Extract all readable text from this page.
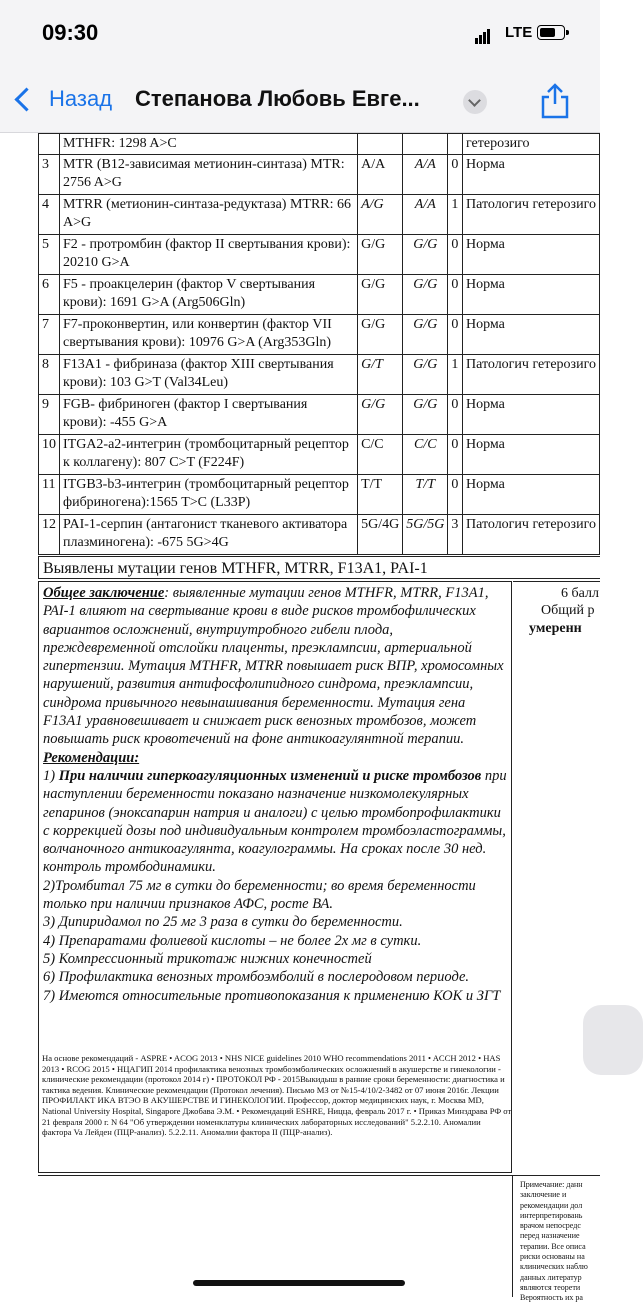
09:30	LTE
Назад Степанова Любовь Евге...
	MTHFR: 1298 A>C				гетерозиго
3	MTR (В12-зависимая метионин-синтаза) MTR: 2756 A>G	A/A	A/A	0	Норма
4	MTRR (метионин-синтаза-редуктаза) MTRR: 66 A>G	A/G	A/A	1	Патологич гетерозиго
5	F2 - протромбин (фактор II свертывания крови): 20210 G>A	G/G	G/G	0	Норма
6	F5 - проакцелерин (фактор V свертывания крови): 1691 G>A (Arg506Gln)	G/G	G/G	0	Норма
7	F7-проконвертин, или конвертин (фактор VII свертывания крови): 10976 G>A (Arg353Gln)	G/G	G/G	0	Норма
8	F13A1 - фибриназа (фактор XIII свертывания крови): 103 G>T (Val34Leu)	G/T	G/G	1	Патологич гетерозиго
9	FGB- фибриноген (фактор I свертывания крови): -455 G>A	G/G	G/G	0	Норма
10	ITGA2-a2-интегрин (тромбоцитарный рецептор к коллагену): 807 C>T (F224F)	C/C	C/C	0	Норма
11	ITGB3-b3-интегрин (тромбоцитарный рецептор фибриногена):1565 T>C (L33P)	T/T	T/T	0	Норма
12	PAI-1-серпин (антагонист тканевого активатора плазминогена): -675 5G>4G	5G/4G	5G/5G	3	Патологич гетерозиго
Выявлены мутации генов MTHFR, MTRR, F13A1, PAI-1

Общее заключение: выявленные мутации генов MTHFR, MTRR, F13A1, PAI-1 влияют на свертывание крови в виде рисков тромбофилических вариантов осложнений, внутриутробного гибели плода, преждевременной отслойки плаценты, преэклампсии, артериальной гипертензии. Мутация MTHFR, MTRR повышает риск ВПР, хромосомных нарушений, развития антифосфолипидного синдрома, преэклампсии, синдрома привычного невынашивания беременности. Мутация гена F13A1 уравновешивает и снижает риск венозных тромбозов, может повышать риск кровотечений на фоне антикоагулянтной терапии.

Рекомендации:

1) При наличии гиперкоагуляционных изменений и риске тромбозов при наступлении беременности показано назначение низкомолекулярных гепаринов (эноксапарин натрия и аналоги) с целью тромбопрофилактики с коррекцией дозы под индивидуальным контролем тромбоэластограммы, волчаночного антикоагулянта, коагулограммы. На сроках после 30 нед. контроль тромбодинамики.

2)Тромбитал 75 мг в сутки до беременности; во время беременности только при наличии признаков АФС, росте ВА.

3) Дипиридамол по 25 мг 3 раза в сутки до беременности.

4) Препаратами фолиевой кислоты – не более 2х мг в сутки.

5) Компрессионный трикотаж нижних конечностей

6) Профилактика венозных тромбоэмболий в послеродовом периоде.

7) Имеются относительные противопоказания к применению КОК и ЗГТ

На основе рекомендаций - ASPRE • ACOG 2013 • NHS NICE guidelines 2010 WHO recommendations 2011 • ACCH 2012 • HAS 2013 • RCOG 2015 • НЦАГИП 2014 профилактика венозных тромбоэмболических осложнений в акушерстве и гинекологии - клинические рекомендации (протокол 2014 г) • ПРОТОКОЛ РФ - 2015Выкидыш в ранние сроки беременности: диагностика и тактика ведения. Клинические рекомендации (Протокол лечения). Письмо МЗ от №15-4/10/2-3482 от 07 июня 2016г. Лекции ПРОФИЛАКТ ИКА ВТЭО В АКУШЕРСТВЕ И ГИНЕКОЛОГИИ. Профессор, доктор медицинских наук, г. Москва MD, National University Hospital, Singapore Джобава Э.М. • Рекомендаций ESHRE, Ницца, февраль 2017 г. • Приказ Минздрава РФ от 21 февраля 2000 г. N 64 "Об утверждении номенклатуры клинических лабораторных исследований" 5.2.2.10. Аномалии фактора Va Лейден (ПЦР-анализ). 5.2.2.11. Аномалии фактора II (ПЦР-анализ).
6 балл
Общий р
умеренн
Примечание: данн
заключение и
рекомендации дол
интерпретировань
врачом непосредс
перед назначение
терапии. Все описа
риски основаны на
клинических наблю
данных литератур
являются теорети
Вероятность их ра
